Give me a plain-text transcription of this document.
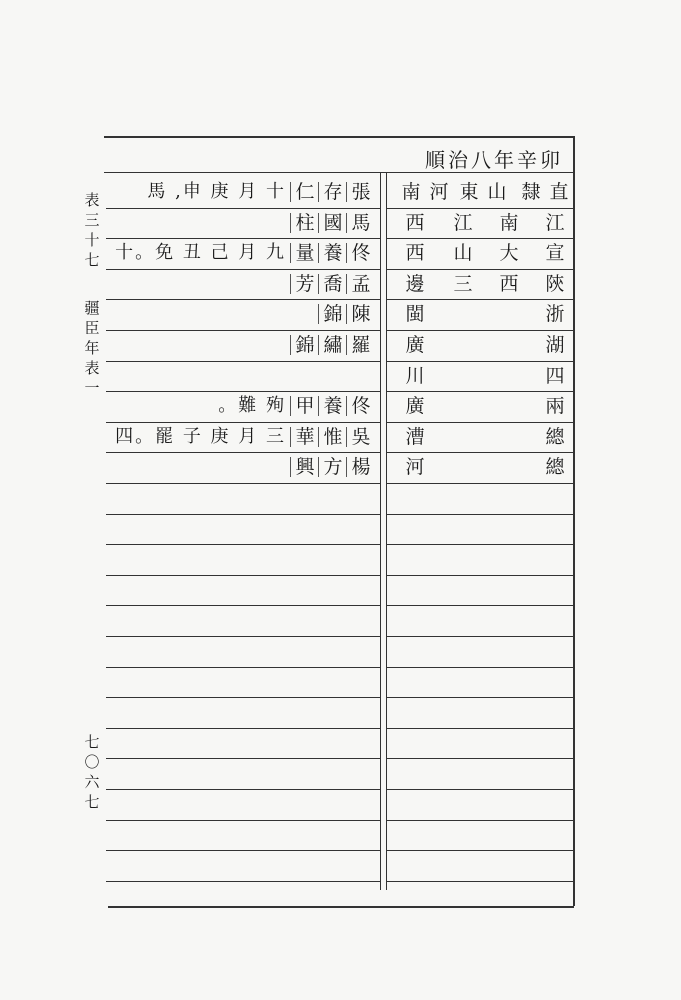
順治八年辛卯
表
三
十
七
疆
臣
年
表
一
七
〇
六
七
直
隸
山
東
河
南
張
存
仁
馬 ,申 庚 月 十
江
南
江
西
馬
國
柱
宣
大
山
西
佟
養
量
十。免 丑 己 月 九
陝
西
三
邊
孟
喬
芳
浙
閩
陳
錦
湖
廣
羅
繡
錦
四
川
兩
廣
佟
養
甲
。難 殉
總
漕
吳
惟
華
四。罷 子 庚 月 三
總
河
楊
方
興
